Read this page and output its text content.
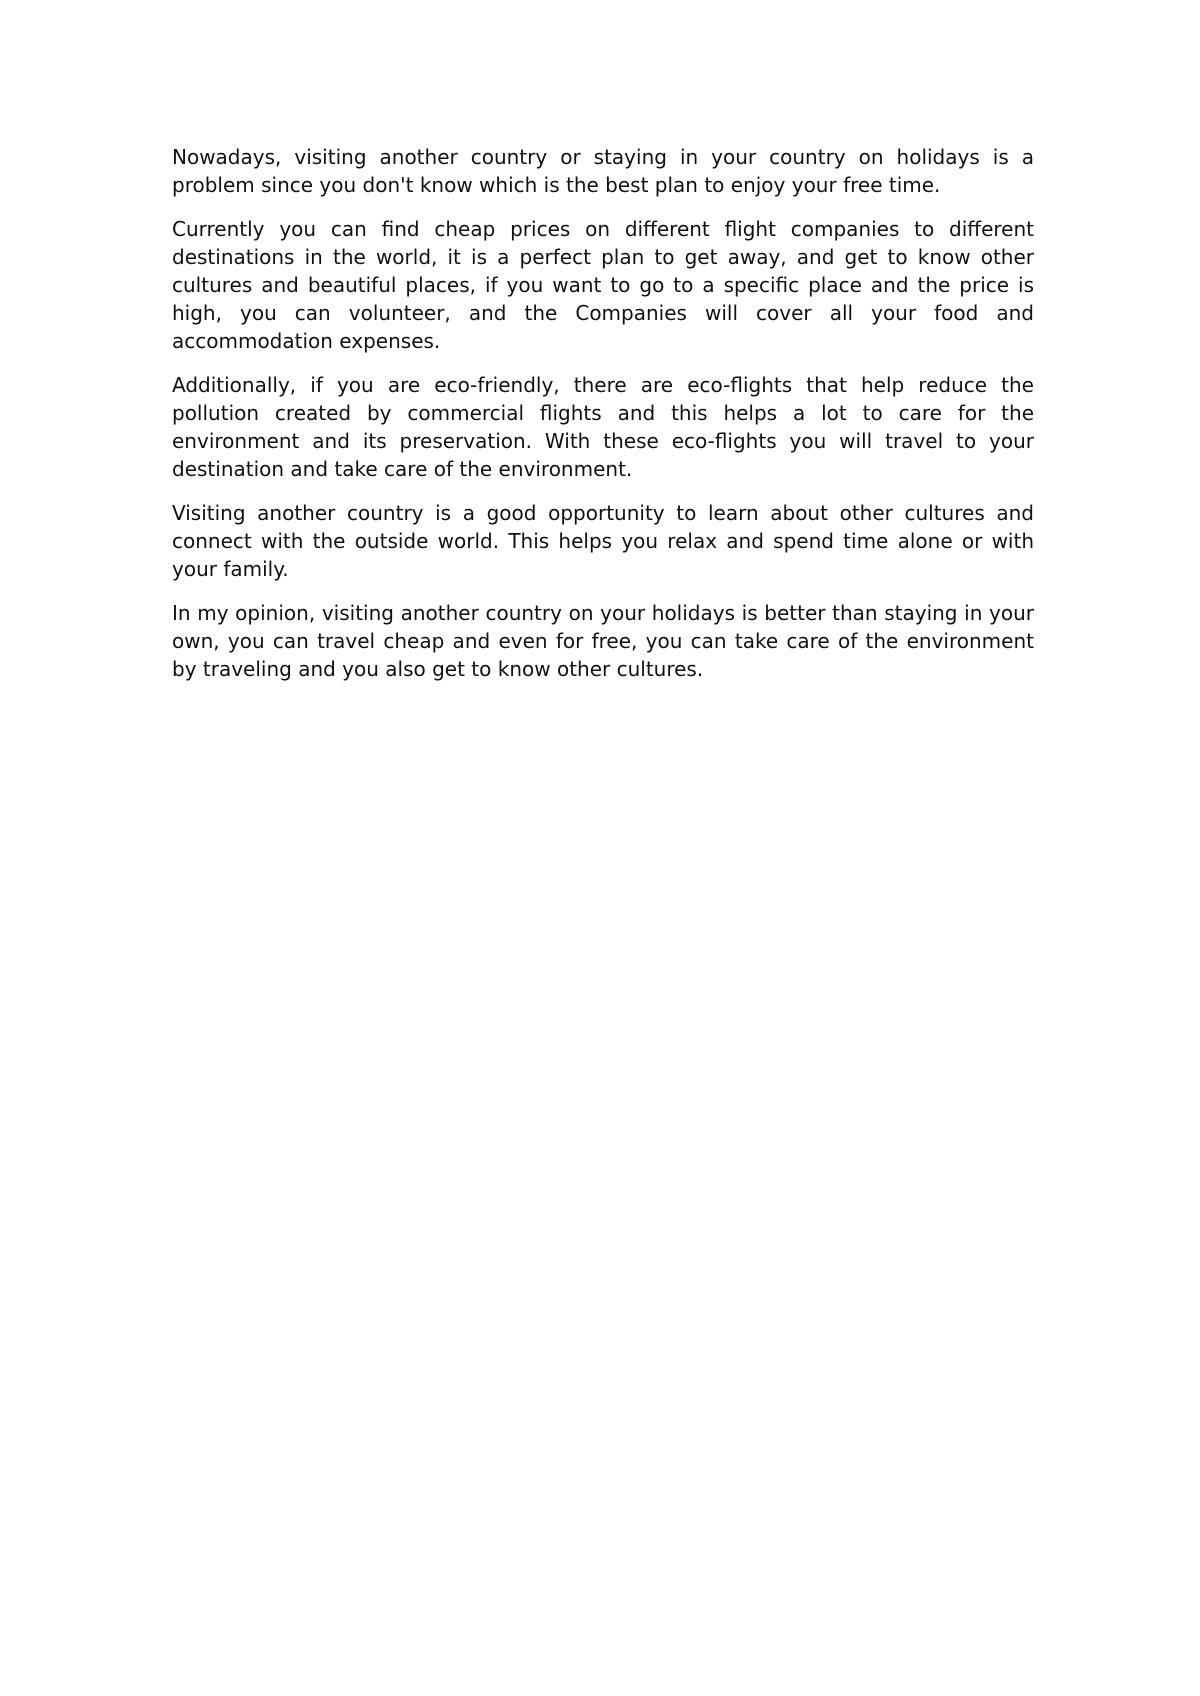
Nowadays, visiting another country or staying in your country on holidays is a problem since you don't know which is the best plan to enjoy your free time.

Currently you can find cheap prices on different flight companies to different destinations in the world, it is a perfect plan to get away, and get to know other cultures and beautiful places, if you want to go to a specific place and the price is high, you can volunteer, and the Companies will cover all your food and accommodation expenses.

Additionally, if you are eco-friendly, there are eco-flights that help reduce the pollution created by commercial flights and this helps a lot to care for the environment and its preservation. With these eco-flights you will travel to your destination and take care of the environment.

Visiting another country is a good opportunity to learn about other cultures and connect with the outside world. This helps you relax and spend time alone or with your family.

In my opinion, visiting another country on your holidays is better than staying in your own, you can travel cheap and even for free, you can take care of the environment by traveling and you also get to know other cultures.
